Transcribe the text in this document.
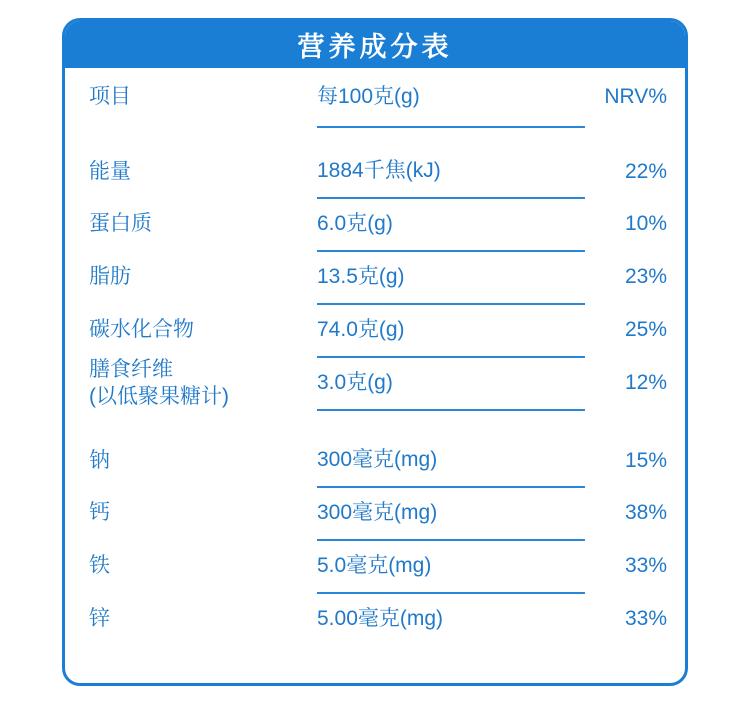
营养成分表
项目	每100克(g)	NRV%

能量	1884千焦(kJ)	22%
蛋白质	6.0克(g)	10%
脂肪	13.5克(g)	23%
碳水化合物	74.0克(g)	25%

膳食纤维
(以低聚果糖计)	3.0克(g)	12%

钠	300毫克(mg)	15%
钙	300毫克(mg)	38%
铁	5.0毫克(mg)	33%
锌	5.00毫克(mg)	33%
